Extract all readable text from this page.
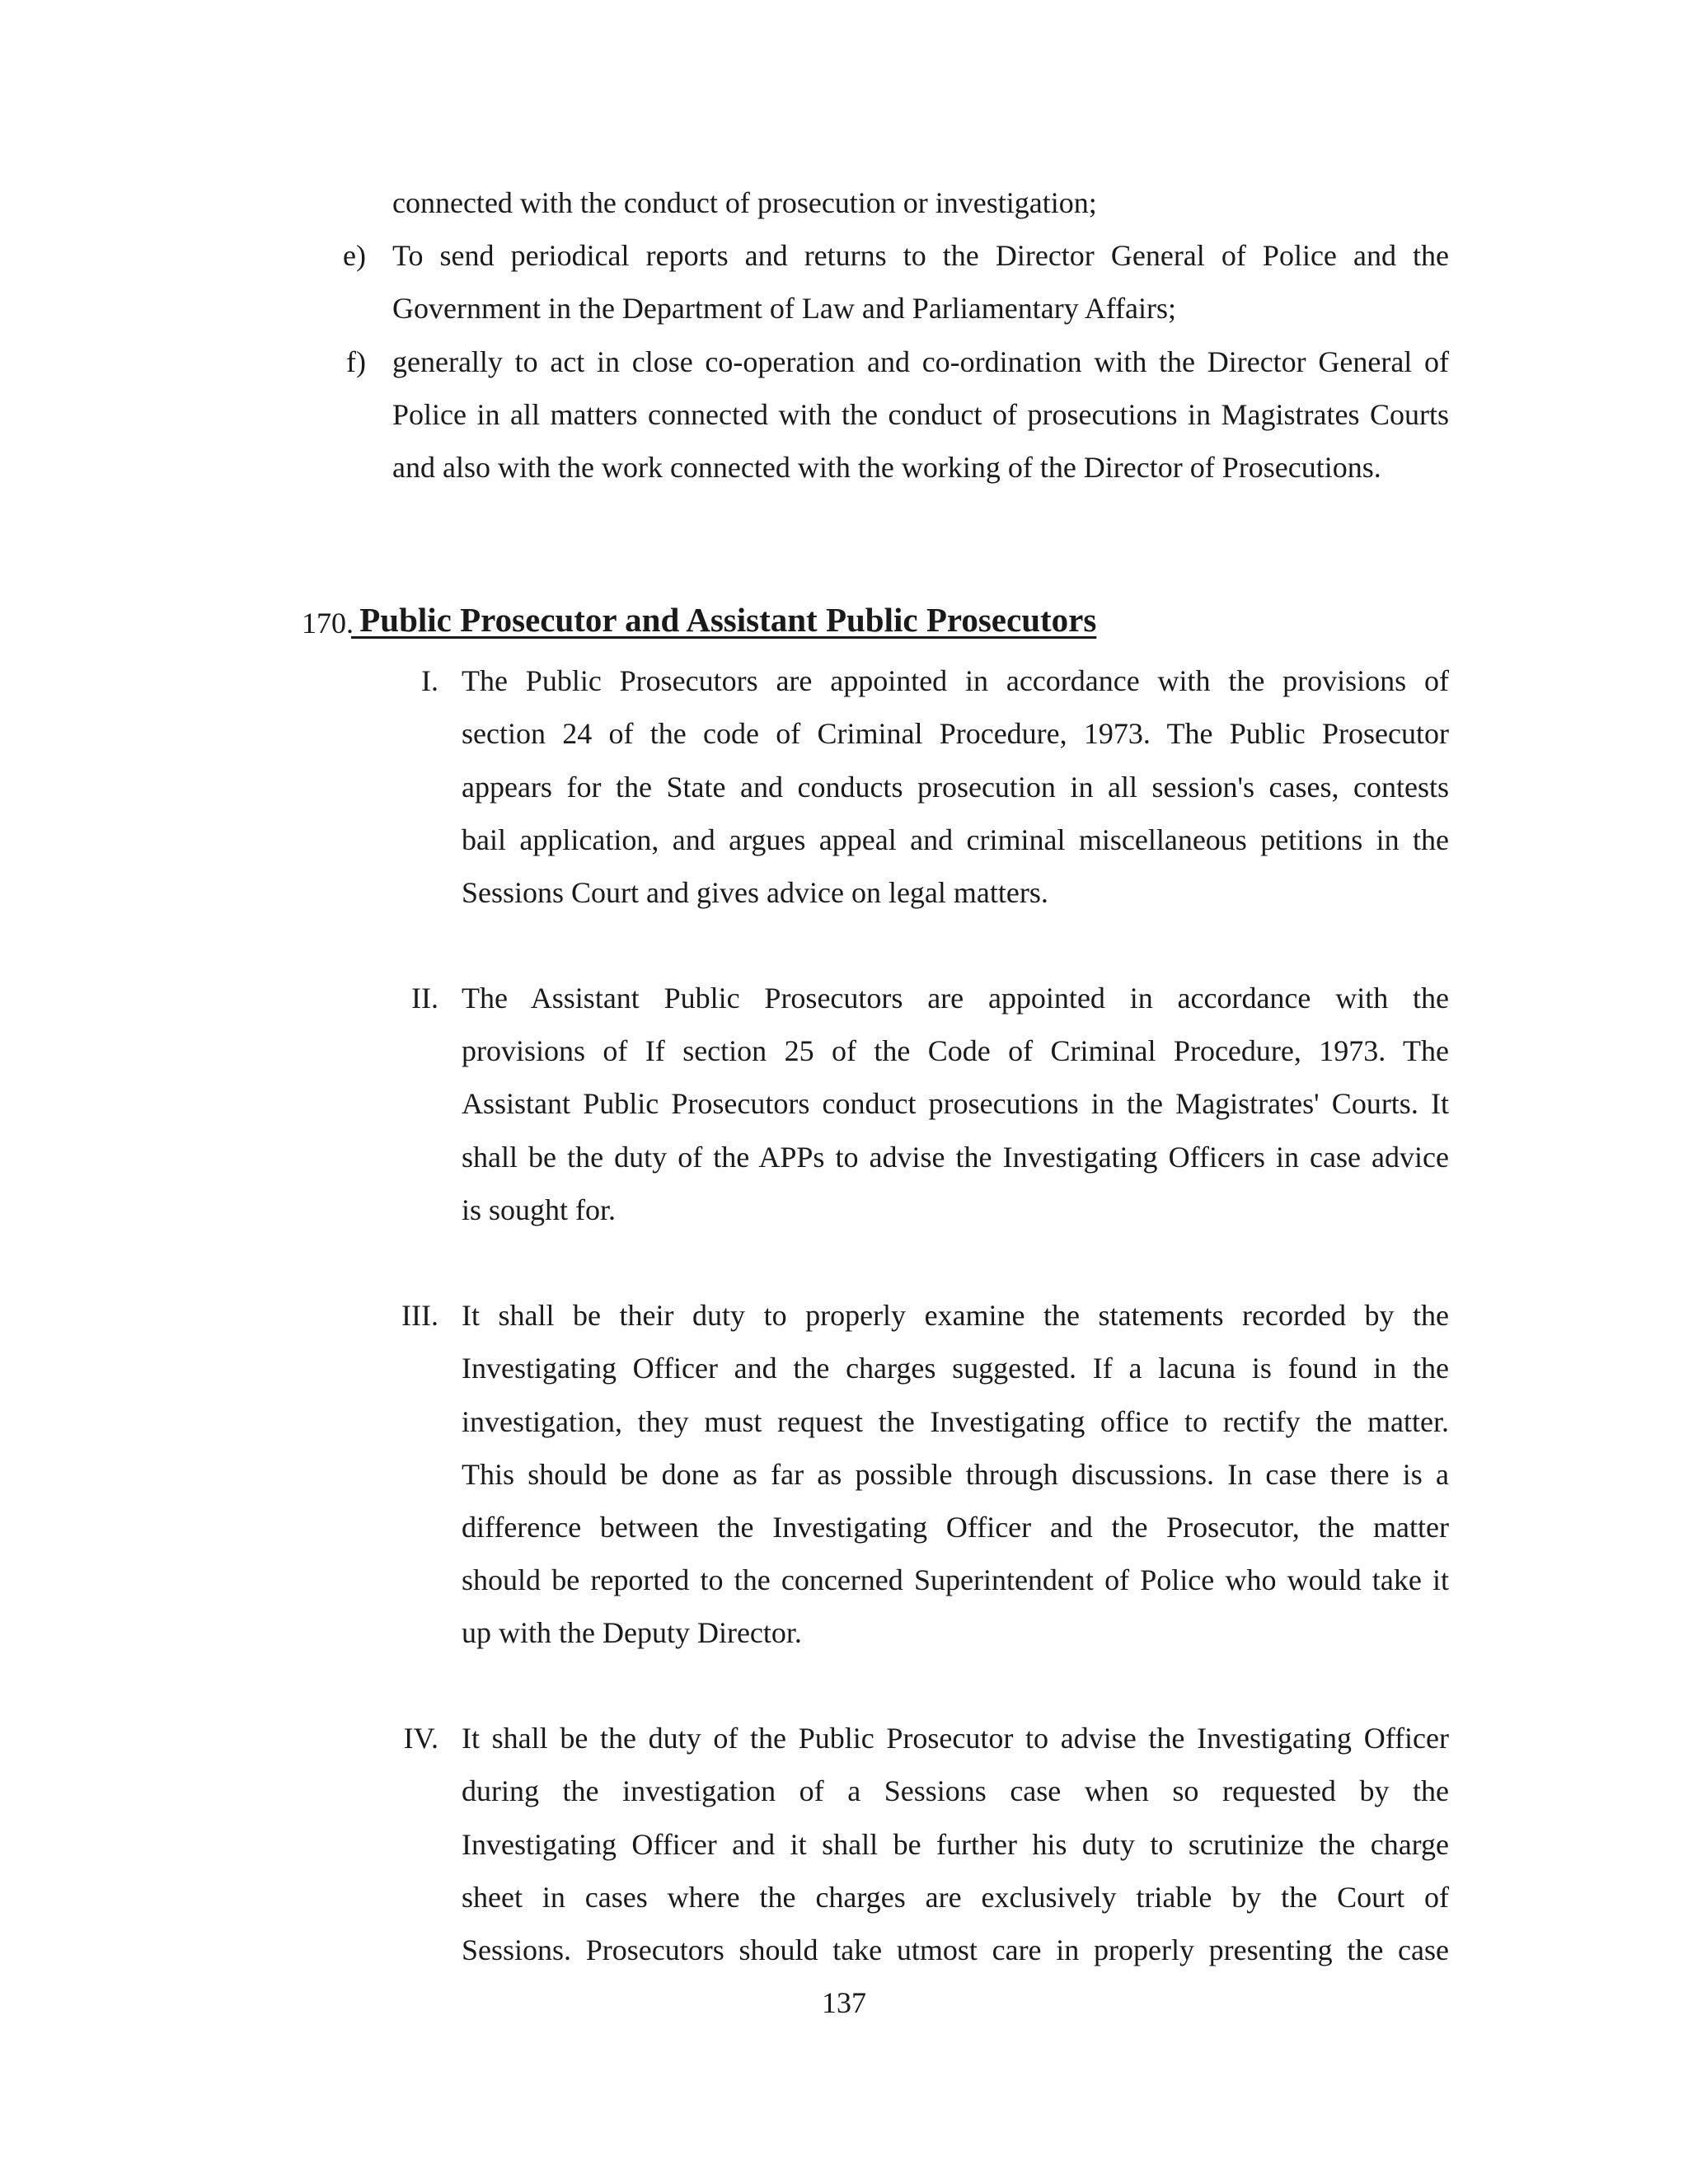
connected with the conduct of prosecution or investigation;
e) To send periodical reports and returns to the Director General of Police and the
Government in the Department of Law and Parliamentary Affairs;
f) generally to act in close co-operation and co-ordination with the Director General of
Police in all matters connected with the conduct of prosecutions in Magistrates Courts
and also with the work connected with the working of the Director of Prosecutions.
170.
Public Prosecutor and Assistant Public Prosecutors
I. The Public Prosecutors are appointed in accordance with the provisions of
section 24 of the code of Criminal Procedure, 1973. The Public Prosecutor
appears for the State and conducts prosecution in all session's cases, contests
bail application, and argues appeal and criminal miscellaneous petitions in the
Sessions Court and gives advice on legal matters.
II. The Assistant Public Prosecutors are appointed in accordance with the
provisions of If section 25 of the Code of Criminal Procedure, 1973. The
Assistant Public Prosecutors conduct prosecutions in the Magistrates' Courts. It
shall be the duty of the APPs to advise the Investigating Officers in case advice
is sought for.
III. It shall be their duty to properly examine the statements recorded by the
Investigating Officer and the charges suggested. If a lacuna is found in the
investigation, they must request the Investigating office to rectify the matter.
This should be done as far as possible through discussions. In case there is a
difference between the Investigating Officer and the Prosecutor, the matter
should be reported to the concerned Superintendent of Police who would take it
up with the Deputy Director.
IV. It shall be the duty of the Public Prosecutor to advise the Investigating Officer
during the investigation of a Sessions case when so requested by the
Investigating Officer and it shall be further his duty to scrutinize the charge
sheet in cases where the charges are exclusively triable by the Court of
Sessions. Prosecutors should take utmost care in properly presenting the case
137
